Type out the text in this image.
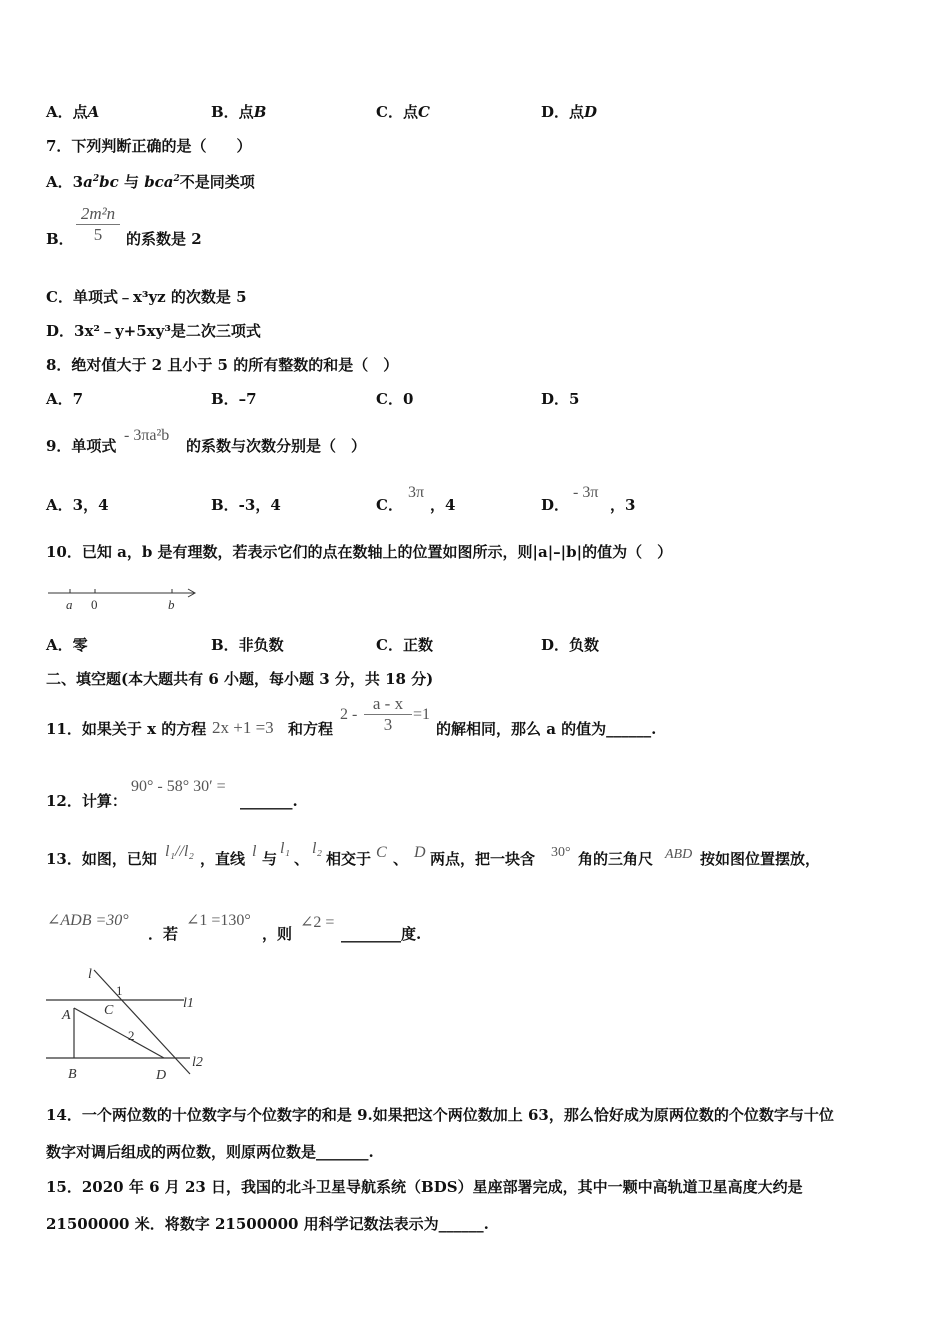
A．点A	B．点B	C．点C	D．点D
7．下列判断正确的是（　　）
A．$3a^2bc$ 与 bca$^2$不是同类项
B．
2m²n
5	的系数是 2
C．单项式﹣x³yz 的次数是 5
D．3x²﹣y+5xy³是二次三项式
8．绝对值大于 2 且小于 5 的所有整数的和是（　）
A．7	B．–7	C．0	D．5
9．单项式
- 3πa²b
的系数与次数分别是（　）
A．3，4	B．-3，4	C．
3π
，4	D．
- 3π
，3
10．已知 a，b 是有理数，若表示它们的点在数轴上的位置如图所示，则|a|–|b|的值为（　）
a 0	b
A．零	B．非负数	C．正数	D．负数
二、填空题(本大题共有 6 小题，每小题 3 分，共 18 分)
11．如果关于 x 的方程 2x +1 =3 和方程
2 -
a - x
3
=1
的解相同，那么 a 的值为______.
12．计算：
90° - 58° 30′ =
_______.
13．如图，已知 l₁//l₂ ，直线 l 与
l₁
、
l₂
相交于 C 、 D 两点，把一块含 30° 角的三角尺 ABD 按如图位置摆放，
∠ADB =30°
．若
∠1 =130°
，则
∠2 =
________度.
l
1
l1
A C
2
l2
B	D
14．一个两位数的十位数字与个位数字的和是 9.如果把这个两位数加上 63，那么恰好成为原两位数的个位数字与十位
数字对调后组成的两位数，则原两位数是_______.
15．2020 年 6 月 23 日，我国的北斗卫星导航系统（BDS）星座部署完成，其中一颗中高轨道卫星高度大约是
21500000 米．将数字 21500000 用科学记数法表示为______.
